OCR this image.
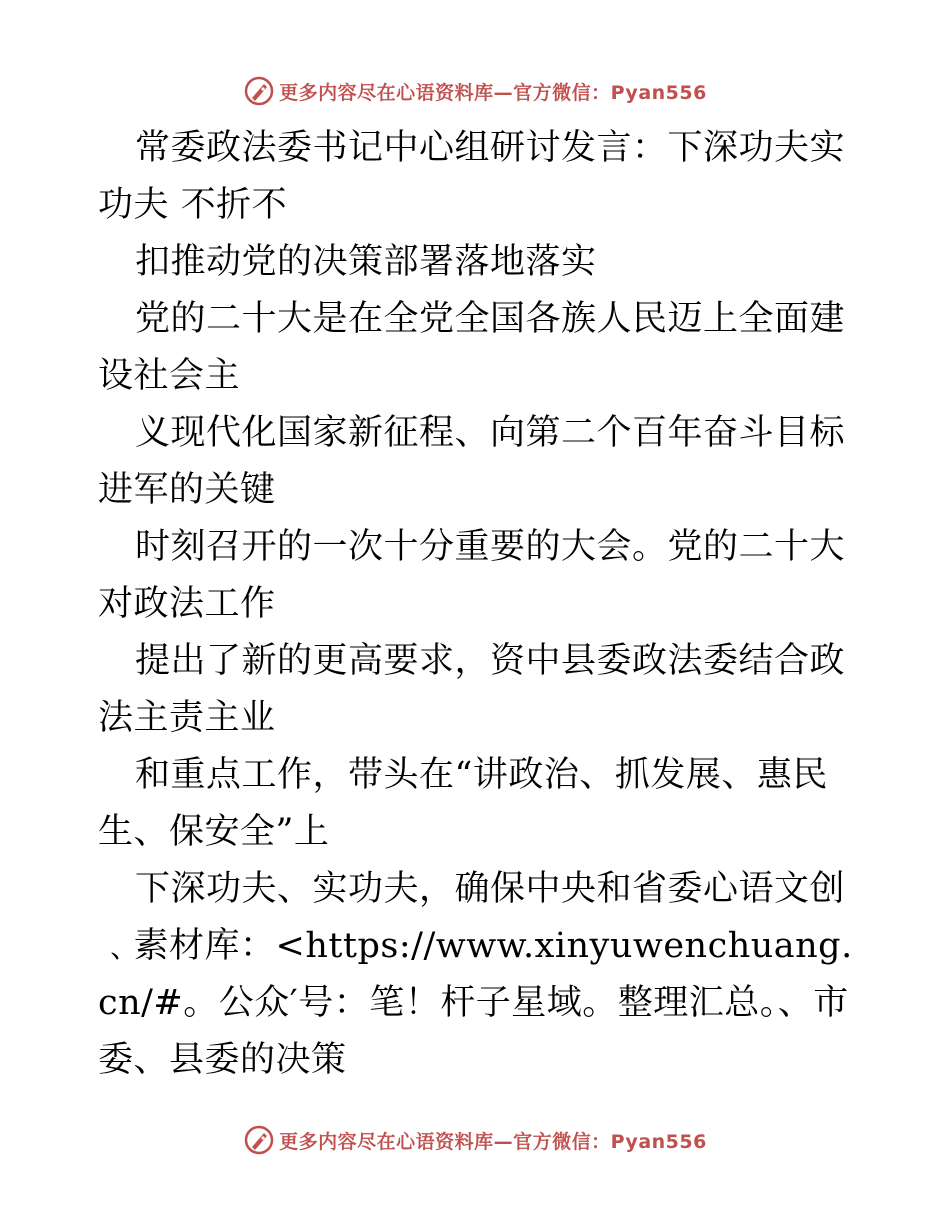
更多内容尽在心语资料库—官方微信：Pyan556

常委政法委书记中心组研讨发言：下深功夫实功夫 不折不

扣推动党的决策部署落地落实

党的二十大是在全党全国各族人民迈上全面建设社会主

义现代化国家新征程、向第二个百年奋斗目标进军的关键

时刻召开的一次十分重要的大会。党的二十大对政法工作

提出了新的更高要求，资中县委政法委结合政法主责主业

和重点工作，带头在“讲政治、抓发展、惠民生、保安全”上

下深功夫、实功夫，确保中央和省委心语文创﹑素材库：<https://www.xinyuwenchuang.cn/#。公众′号：笔！杆子星域。整理汇总。、市委、县委的决策

更多内容尽在心语资料库—官方微信：Pyan556
